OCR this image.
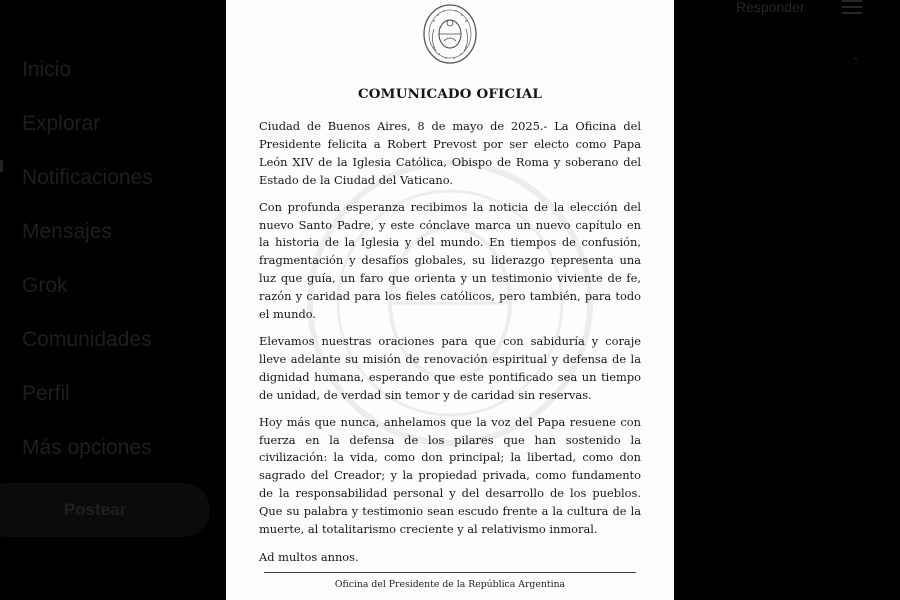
Inicio
Explorar
Notificaciones
Mensajes
Grok
Comunidades
Perfil
Más opciones
Postear
Responder
⌄
COMUNICADO OFICIAL

Ciudad de Buenos Aires, 8 de mayo de 2025.- La Oficina del Presidente felicita a Robert Prevost por ser electo como Papa León XIV de la Iglesia Católica, Obispo de Roma y soberano del Estado de la Ciudad del Vaticano.

Con profunda esperanza recibimos la noticia de la elección del nuevo Santo Padre, y este cónclave marca un nuevo capítulo en la historia de la Iglesia y del mundo. En tiempos de confusión, fragmentación y desafíos globales, su liderazgo representa una luz que guía, un faro que orienta y un testimonio viviente de fe, razón y caridad para los fieles católicos, pero también, para todo el mundo.

Elevamos nuestras oraciones para que con sabiduría y coraje lleve adelante su misión de renovación espiritual y defensa de la dignidad humana, esperando que este pontificado sea un tiempo de unidad, de verdad sin temor y de caridad sin reservas.

Hoy más que nunca, anhelamos que la voz del Papa resuene con fuerza en la defensa de los pilares que han sostenido la civilización: la vida, como don principal; la libertad, como don sagrado del Creador; y la propiedad privada, como fundamento de la responsabilidad personal y del desarrollo de los pueblos. Que su palabra y testimonio sean escudo frente a la cultura de la muerte, al totalitarismo creciente y al relativismo inmoral.

Ad multos annos.

Oficina del Presidente de la República Argentina
